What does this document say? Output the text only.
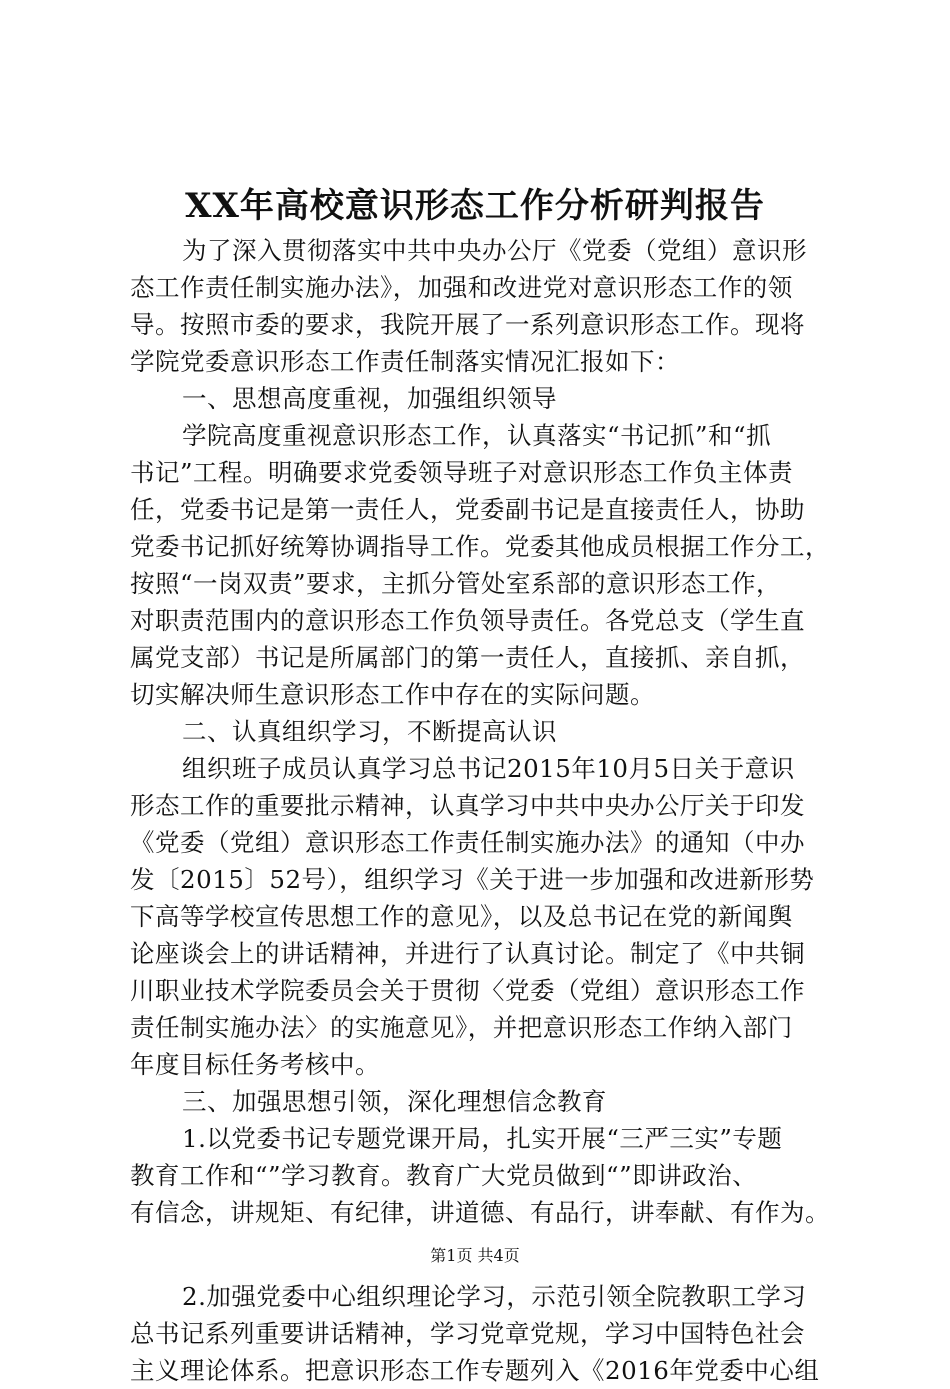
XX年高校意识形态工作分析研判报告
为了深入贯彻落实中共中央办公厅《党委（党组）意识形
态工作责任制实施办法》，加强和改进党对意识形态工作的领
导。按照市委的要求，我院开展了一系列意识形态工作。现将
学院党委意识形态工作责任制落实情况汇报如下：
一、思想高度重视，加强组织领导
学院高度重视意识形态工作，认真落实“书记抓”和“抓
书记”工程。明确要求党委领导班子对意识形态工作负主体责
任，党委书记是第一责任人，党委副书记是直接责任人，协助
党委书记抓好统筹协调指导工作。党委其他成员根据工作分工，
按照“一岗双责”要求，主抓分管处室系部的意识形态工作，
对职责范围内的意识形态工作负领导责任。各党总支（学生直
属党支部）书记是所属部门的第一责任人，直接抓、亲自抓，
切实解决师生意识形态工作中存在的实际问题。
二、认真组织学习，不断提高认识
组织班子成员认真学习总书记2015年10月5日关于意识
形态工作的重要批示精神，认真学习中共中央办公厅关于印发
《党委（党组）意识形态工作责任制实施办法》的通知（中办
发〔2015〕52号），组织学习《关于进一步加强和改进新形势
下高等学校宣传思想工作的意见》，以及总书记在党的新闻舆
论座谈会上的讲话精神，并进行了认真讨论。制定了《中共铜
川职业技术学院委员会关于贯彻〈党委（党组）意识形态工作
责任制实施办法〉的实施意见》，并把意识形态工作纳入部门
年度目标任务考核中。
三、加强思想引领，深化理想信念教育
1.以党委书记专题党课开局，扎实开展“三严三实”专题
教育工作和“”学习教育。教育广大党员做到“”即讲政治、
有信念，讲规矩、有纪律，讲道德、有品行，讲奉献、有作为。
2.加强党委中心组织理论学习，示范引领全院教职工学习
总书记系列重要讲话精神，学习党章党规，学习中国特色社会
主义理论体系。把意识形态工作专题列入《2016年党委中心组
第1页 共4页
